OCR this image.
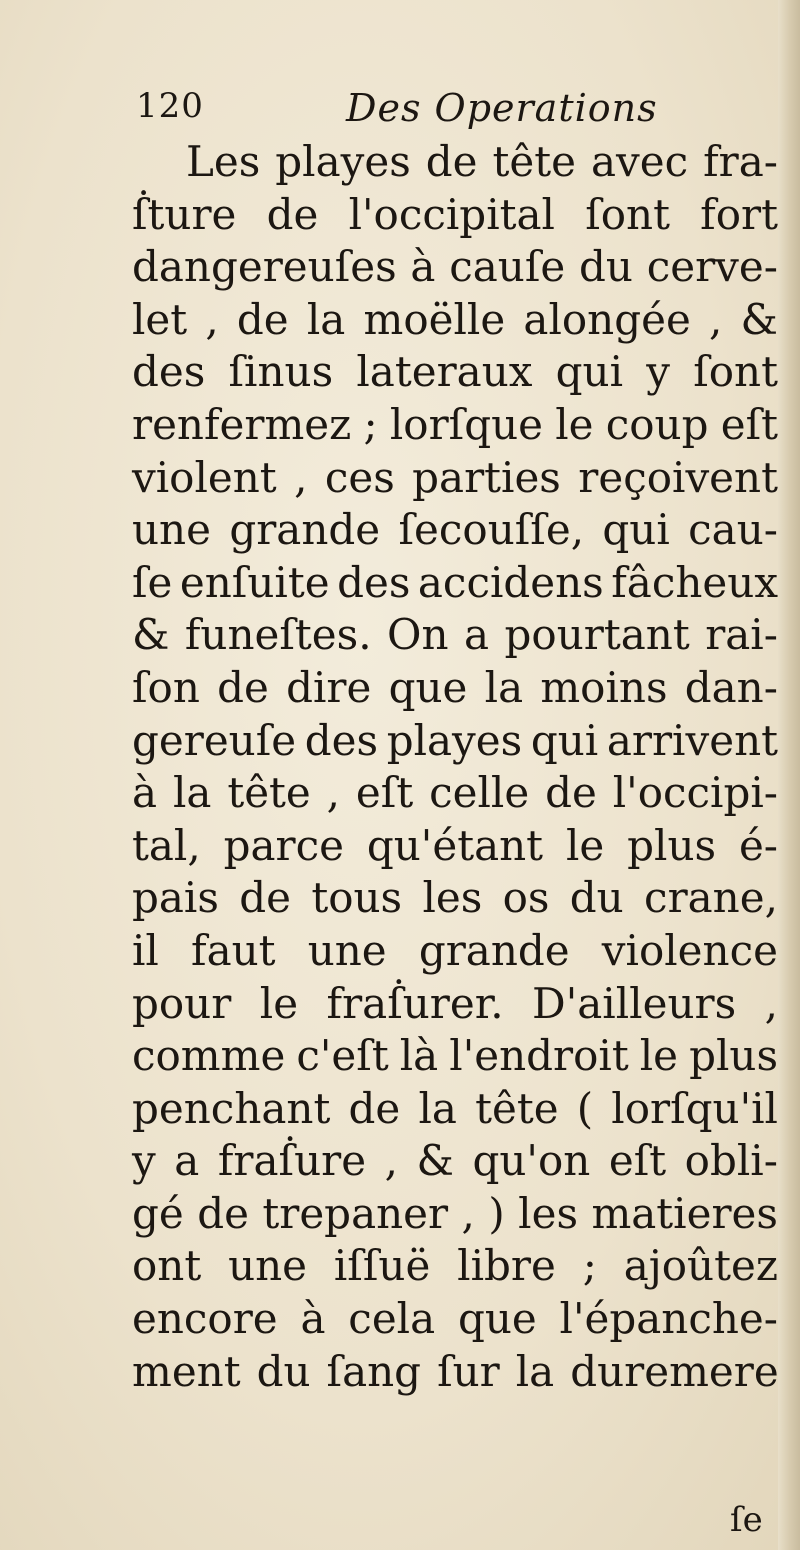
120	Des Operations
Les playes de tête avec fra-
ẛture de l'occipital ſont fort
dangereuſes à cauſe du cerve-
let , de la moëlle alongée , &
des ſinus lateraux qui y ſont
renfermez ; lorſque le coup eſt
violent , ces parties reçoivent
une grande ſecouſſe, qui cau-
ſe enſuite des accidens fâcheux
& funeſtes. On a pourtant rai-
ſon de dire que la moins dan-
gereuſe des playes qui arrivent
à la tête , eſt celle de l'occipi-
tal, parce qu'étant le plus é-
pais de tous les os du crane,
il faut une grande violence
pour le fraẛurer. D'ailleurs ,
comme c'eſt là l'endroit le plus
penchant de la tête ( lorſqu'il
y a fraẛure , & qu'on eſt obli-
gé de trepaner , ) les matieres
ont une iſſuë libre ; ajoûtez
encore à cela que l'épanche-
ment du ſang ſur la duremere
ſe
